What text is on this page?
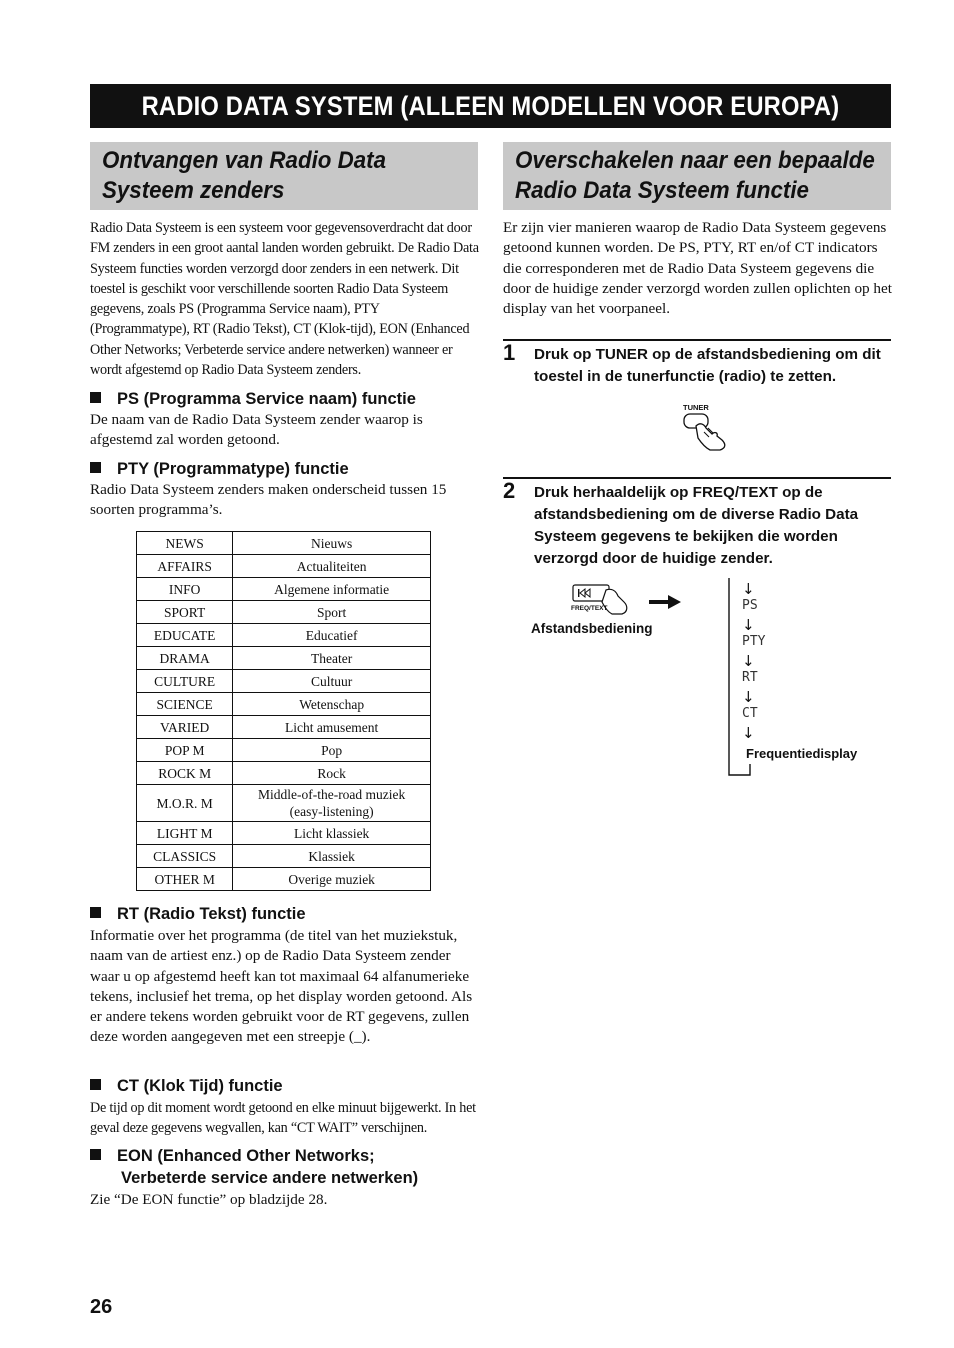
RADIO DATA SYSTEM (ALLEEN MODELLEN VOOR EUROPA)
Ontvangen van Radio Data
Systeem zenders
Radio Data Systeem is een systeem voor gegevensoverdracht dat door FM zenders in een groot aantal landen worden gebruikt. De Radio Data Systeem functies worden verzorgd door zenders in een netwerk. Dit toestel is geschikt voor verschillende soorten Radio Data Systeem gegevens, zoals PS (Programma Service naam), PTY (Programmatype), RT (Radio Tekst), CT (Klok-tijd), EON (Enhanced Other Networks; Verbeterde service andere netwerken) wanneer er wordt afgestemd op Radio Data Systeem zenders.
PS (Programma Service naam) functie
De naam van de Radio Data Systeem zender waarop is afgestemd zal worden getoond.
PTY (Programmatype) functie
Radio Data Systeem zenders maken onderscheid tussen 15 soorten programma’s.
NEWS	Nieuws
AFFAIRS	Actualiteiten
INFO	Algemene informatie
SPORT	Sport
EDUCATE	Educatief
DRAMA	Theater
CULTURE	Cultuur
SCIENCE	Wetenschap
VARIED	Licht amusement
POP M	Pop
ROCK M	Rock
M.O.R. M	Middle-of-the-road muziek (easy-listening)
LIGHT M	Licht klassiek
CLASSICS	Klassiek
OTHER M	Overige muziek
RT (Radio Tekst) functie
Informatie over het programma (de titel van het muziekstuk, naam van de artiest enz.) op de Radio Data Systeem zender waar u op afgestemd heeft kan tot maximaal 64 alfanumerieke tekens, inclusief het trema, op het display worden getoond. Als er andere tekens worden gebruikt voor de RT gegevens, zullen deze worden aangegeven met een streepje (_).
CT (Klok Tijd) functie
De tijd op dit moment wordt getoond en elke minuut bijgewerkt. In het geval deze gegevens wegvallen, kan “CT WAIT” verschijnen.
EON (Enhanced Other Networks;
Verbeterde service andere netwerken)
Zie “De EON functie” op bladzijde 28.
Overschakelen naar een bepaalde
Radio Data Systeem functie
Er zijn vier manieren waarop de Radio Data Systeem gegevens getoond kunnen worden. De PS, PTY, RT en/of CT indicators die corresponderen met de Radio Data Systeem gegevens die door de huidige zender verzorgd worden zullen oplichten op het display van het voorpaneel.
1 Druk op TUNER op de afstandsbediening om dit toestel in de tunerfunctie (radio) te zetten.
TUNER
2 Druk herhaaldelijk op FREQ/TEXT op de afstandsbediening om de diverse Radio Data Systeem gegevens te bekijken die worden verzorgd door de huidige zender.
FREQ/TEXT
Afstandsbediening
↓
PS
↓
PTY
↓
RT
↓
CT
↓
Frequentiedisplay
26
